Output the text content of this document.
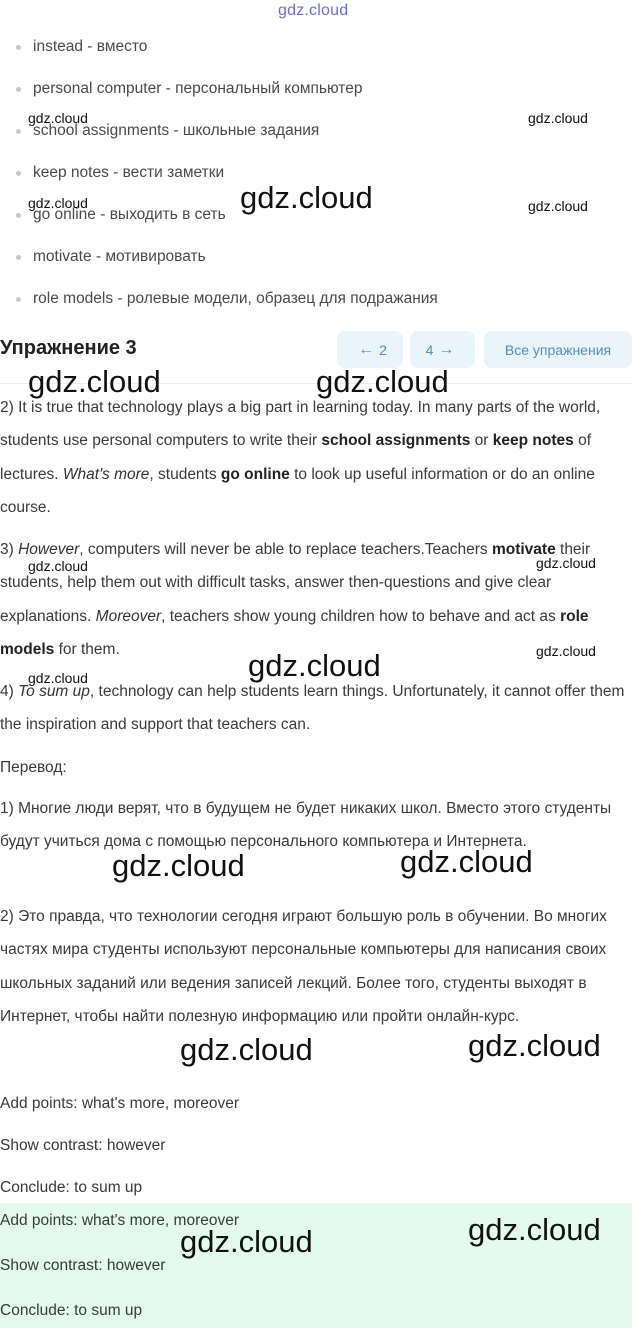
gdz.cloud
instead - вместо
personal computer - персональный компьютер
school assignments - школьные задания
keep notes - вести заметки
go online - выходить в сеть
motivate - мотивировать
role models - ролевые модели, образец для подражания
Упражнение 3	← 2	4 →	Все упражнения
2) It is true that technology plays a big part in learning today. In many parts of the world, students use personal computers to write their school assignments or keep notes of lectures. What's more, students go online to look up useful information or do an online course.
3) However, computers will never be able to replace teachers.Teachers motivate their students, help them out with difficult tasks, answer then-questions and give clear explanations. Moreover, teachers show young children how to behave and act as role models for them.
4) To sum up, technology can help students learn things. Unfortunately, it cannot offer them the inspiration and support that teachers can.
Перевод:
1) Многие люди верят, что в будущем не будет никаких школ. Вместо этого студенты будут учиться дома с помощью персонального компьютера и Интернета.
2) Это правда, что технологии сегодня играют большую роль в обучении. Во многих частях мира студенты используют персональные компьютеры для написания своих школьных заданий или ведения записей лекций. Более того, студенты выходят в Интернет, чтобы найти полезную информацию или пройти онлайн-курс.
Add points: what's more, moreover
Show contrast: however
Conclude: to sum up
Add points: what's more, moreover
Show contrast: however
Conclude: to sum up
gdz.cloud	gdz.cloud
gdz.cloud	gdz.cloud
gdz.cloud
gdz.cloud	gdz.cloud
gdz.cloud
gdz.cloud
gdz.cloud
gdz.cloud
gdz.cloud
gdz.cloud	gdz.cloud
gdz.cloud	gdz.cloud
gdz.cloud
gdz.cloud
